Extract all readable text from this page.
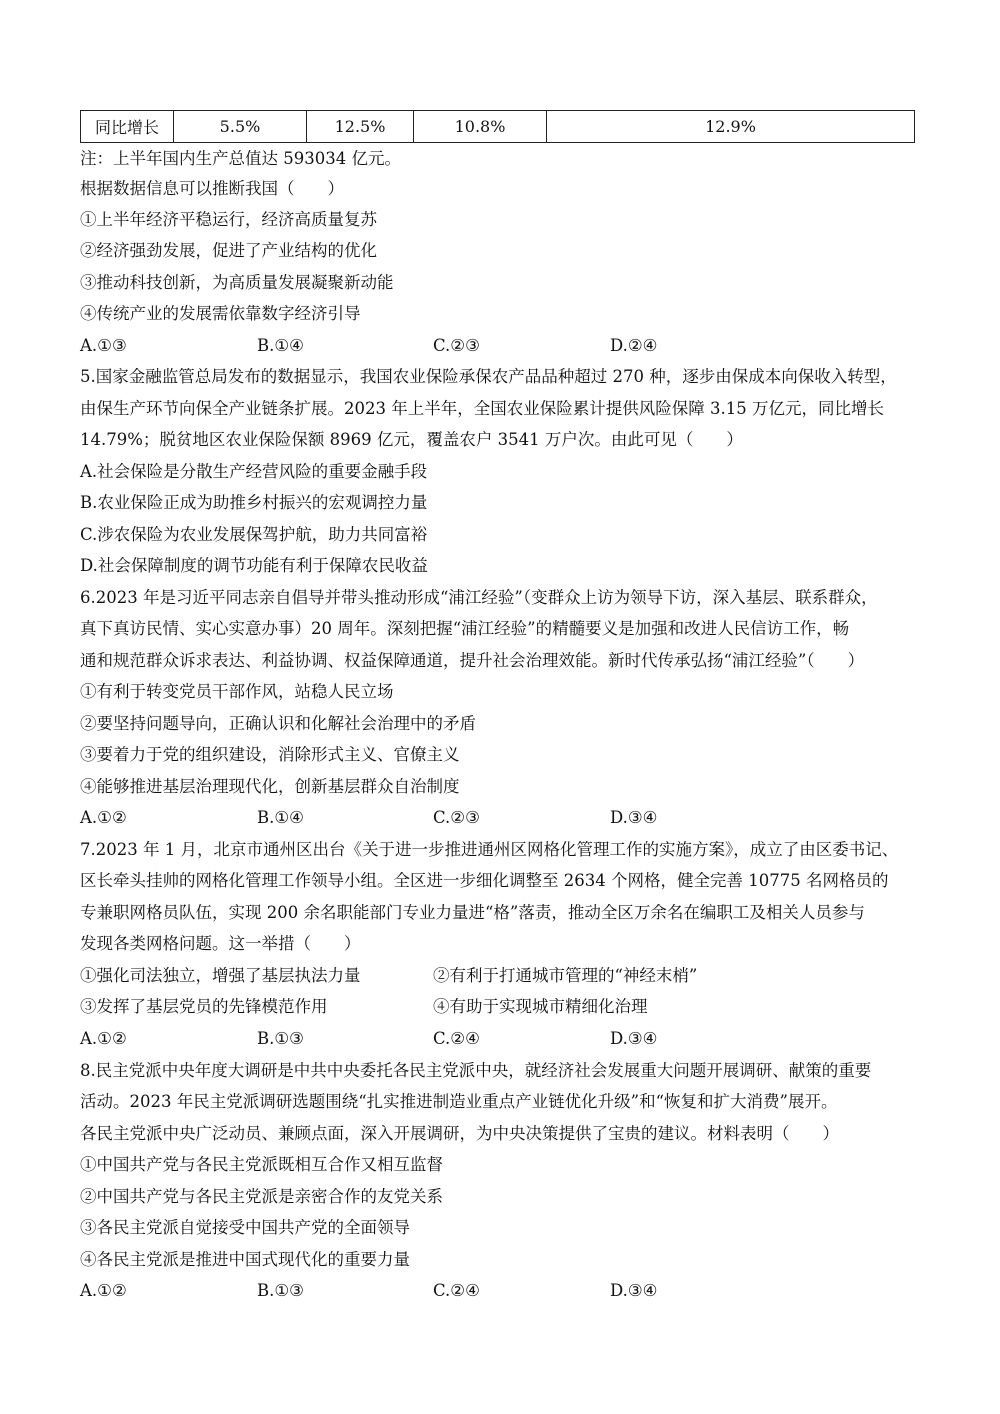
同比增长	5.5%	12.5%	10.8%	12.9%
注：上半年国内生产总值达 593034 亿元。
根据数据信息可以推断我国（　　）
①上半年经济平稳运行，经济高质量复苏
②经济强劲发展，促进了产业结构的优化
③推动科技创新，为高质量发展凝聚新动能
④传统产业的发展需依靠数字经济引导
A.①③	B.①④	C.②③	D.②④
5.国家金融监管总局发布的数据显示，我国农业保险承保农产品品种超过 270 种，逐步由保成本向保收入转型，
由保生产环节向保全产业链条扩展。2023 年上半年，全国农业保险累计提供风险保障 3.15 万亿元，同比增长
14.79%；脱贫地区农业保险保额 8969 亿元，覆盖农户 3541 万户次。由此可见（　　）
A.社会保险是分散生产经营风险的重要金融手段
B.农业保险正成为助推乡村振兴的宏观调控力量
C.涉农保险为农业发展保驾护航，助力共同富裕
D.社会保障制度的调节功能有利于保障农民收益
6.2023 年是习近平同志亲自倡导并带头推动形成“浦江经验”（变群众上访为领导下访，深入基层、联系群众，
真下真访民情、实心实意办事）20 周年。深刻把握“浦江经验”的精髓要义是加强和改进人民信访工作，畅
通和规范群众诉求表达、利益协调、权益保障通道，提升社会治理效能。新时代传承弘扬“浦江经验”（　　）
①有利于转变党员干部作风，站稳人民立场
②要坚持问题导向，正确认识和化解社会治理中的矛盾
③要着力于党的组织建设，消除形式主义、官僚主义
④能够推进基层治理现代化，创新基层群众自治制度
A.①②	B.①④	C.②③	D.③④
7.2023 年 1 月，北京市通州区出台《关于进一步推进通州区网格化管理工作的实施方案》，成立了由区委书记、
区长牵头挂帅的网格化管理工作领导小组。全区进一步细化调整至 2634 个网格，健全完善 10775 名网格员的
专兼职网格员队伍，实现 200 余名职能部门专业力量进“格”落责，推动全区万余名在编职工及相关人员参与
发现各类网格问题。这一举措（　　）
①强化司法独立，增强了基层执法力量	②有利于打通城市管理的“神经末梢”
③发挥了基层党员的先锋模范作用	④有助于实现城市精细化治理
A.①②	B.①③	C.②④	D.③④
8.民主党派中央年度大调研是中共中央委托各民主党派中央，就经济社会发展重大问题开展调研、献策的重要
活动。2023 年民主党派调研选题围绕“扎实推进制造业重点产业链优化升级”和“恢复和扩大消费”展开。
各民主党派中央广泛动员、兼顾点面，深入开展调研，为中央决策提供了宝贵的建议。材料表明（　　）
①中国共产党与各民主党派既相互合作又相互监督
②中国共产党与各民主党派是亲密合作的友党关系
③各民主党派自觉接受中国共产党的全面领导
④各民主党派是推进中国式现代化的重要力量
A.①②	B.①③	C.②④	D.③④
